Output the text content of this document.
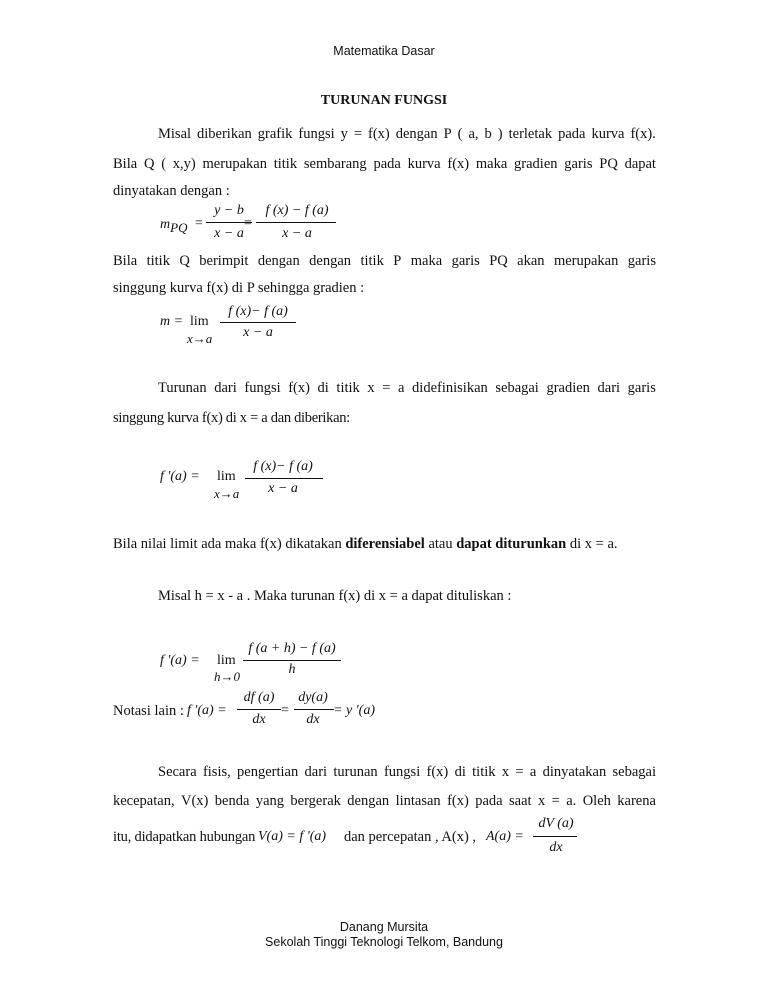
Matematika Dasar
TURUNAN FUNGSI
Misal diberikan grafik fungsi y = f(x) dengan P ( a, b ) terletak pada kurva f(x).
Bila Q ( x,y) merupakan titik sembarang pada kurva f(x) maka gradien garis PQ dapat
dinyatakan dengan :
$m_{PQ}$ =
y − b
x − a
=
f (x) − f (a)
x − a
Bila titik Q berimpit dengan dengan titik P maka garis PQ akan merupakan garis
singgung kurva f(x) di P sehingga gradien :
m = lim
x→a
f (x)− f (a)
x − a
Turunan dari fungsi f(x) di titik x = a didefinisikan sebagai gradien dari garis
singgung kurva f(x) di x = a dan diberikan:
f '(a) = lim
x→a
f (x)− f (a)
x − a
Bila nilai limit ada maka f(x) dikatakan diferensiabel atau dapat diturunkan di x = a.
Misal h = x - a . Maka turunan f(x) di x = a dapat dituliskan :
f '(a) = lim
h→0
f (a + h) − f (a)
h
Notasi lain : f '(a) =
df (a)
dx
=
dy(a)
dx
= y '(a)
Secara fisis, pengertian dari turunan fungsi f(x) di titik x = a dinyatakan sebagai
kecepatan, V(x) benda yang bergerak dengan lintasan f(x) pada saat x = a. Oleh karena
itu, didapatkan hubungan V(a) = f '(a) dan percepatan , A(x) , A(a) =
dV (a)
dx
Danang Mursita
Sekolah Tinggi Teknologi Telkom, Bandung
